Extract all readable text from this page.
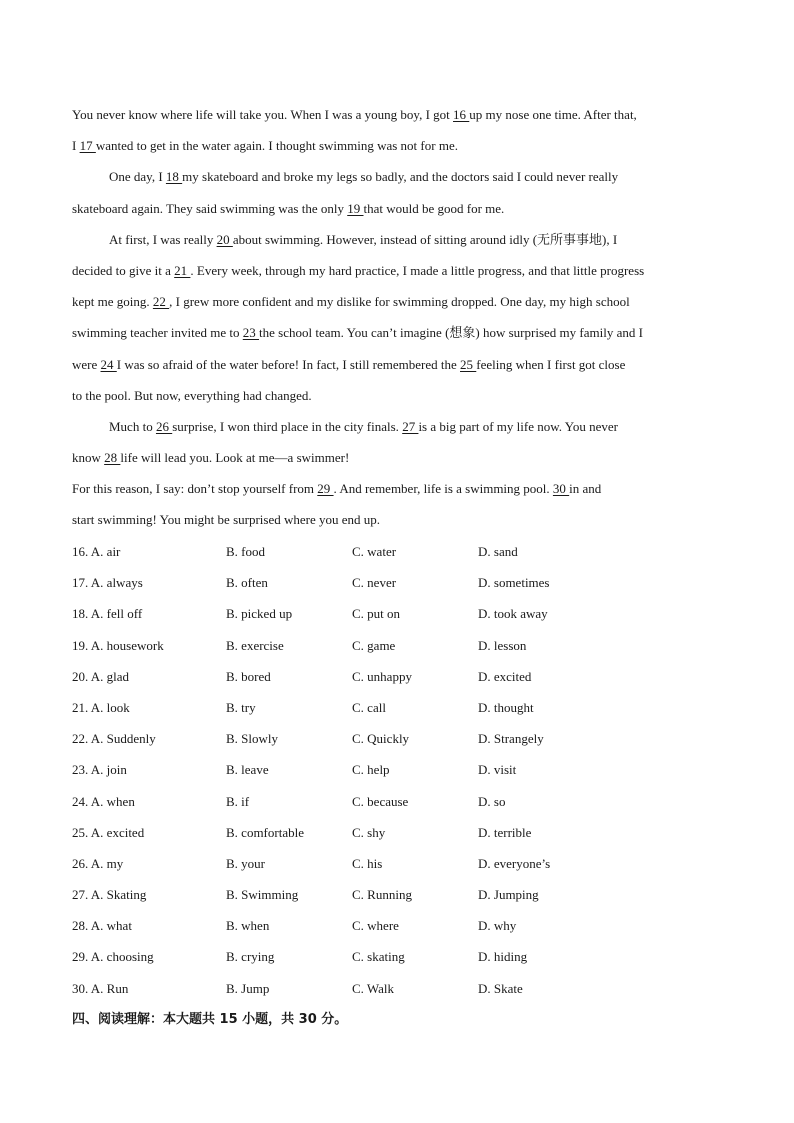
You never know where life will take you. When I was a young boy, I got 16 up my nose one time. After that,
I 17 wanted to get in the water again. I thought swimming was not for me.
One day, I 18 my skateboard and broke my legs so badly, and the doctors said I could never really
skateboard again. They said swimming was the only 19 that would be good for me.
At first, I was really 20 about swimming. However, instead of sitting around idly (无所事事地), I
decided to give it a 21 . Every week, through my hard practice, I made a little progress, and that little progress
kept me going. 22 , I grew more confident and my dislike for swimming dropped. One day, my high school
swimming teacher invited me to 23 the school team. You can’t imagine (想象) how surprised my family and I
were 24 I was so afraid of the water before! In fact, I still remembered the 25 feeling when I first got close
to the pool. But now, everything had changed.
Much to 26 surprise, I won third place in the city finals. 27 is a big part of my life now. You never
know 28 life will lead you. Look at me—a swimmer!
For this reason, I say: don’t stop yourself from 29 . And remember, life is a swimming pool. 30 in and
start swimming! You might be surprised where you end up.
16. A. air	B. food	C. water	D. sand
17. A. always	B. often	C. never	D. sometimes
18. A. fell off	B. picked up	C. put on	D. took away
19. A. housework	B. exercise	C. game	D. lesson
20. A. glad	B. bored	C. unhappy	D. excited
21. A. look	B. try	C. call	D. thought
22. A. Suddenly	B. Slowly	C. Quickly	D. Strangely
23. A. join	B. leave	C. help	D. visit
24. A. when	B. if	C. because	D. so
25. A. excited	B. comfortable	C. shy	D. terrible
26. A. my	B. your	C. his	D. everyone’s
27. A. Skating	B. Swimming	C. Running	D. Jumping
28. A. what	B. when	C. where	D. why
29. A. choosing	B. crying	C. skating	D. hiding
30. A. Run	B. Jump	C. Walk	D. Skate
四、阅读理解：本大题共 15 小题，共 30 分。
